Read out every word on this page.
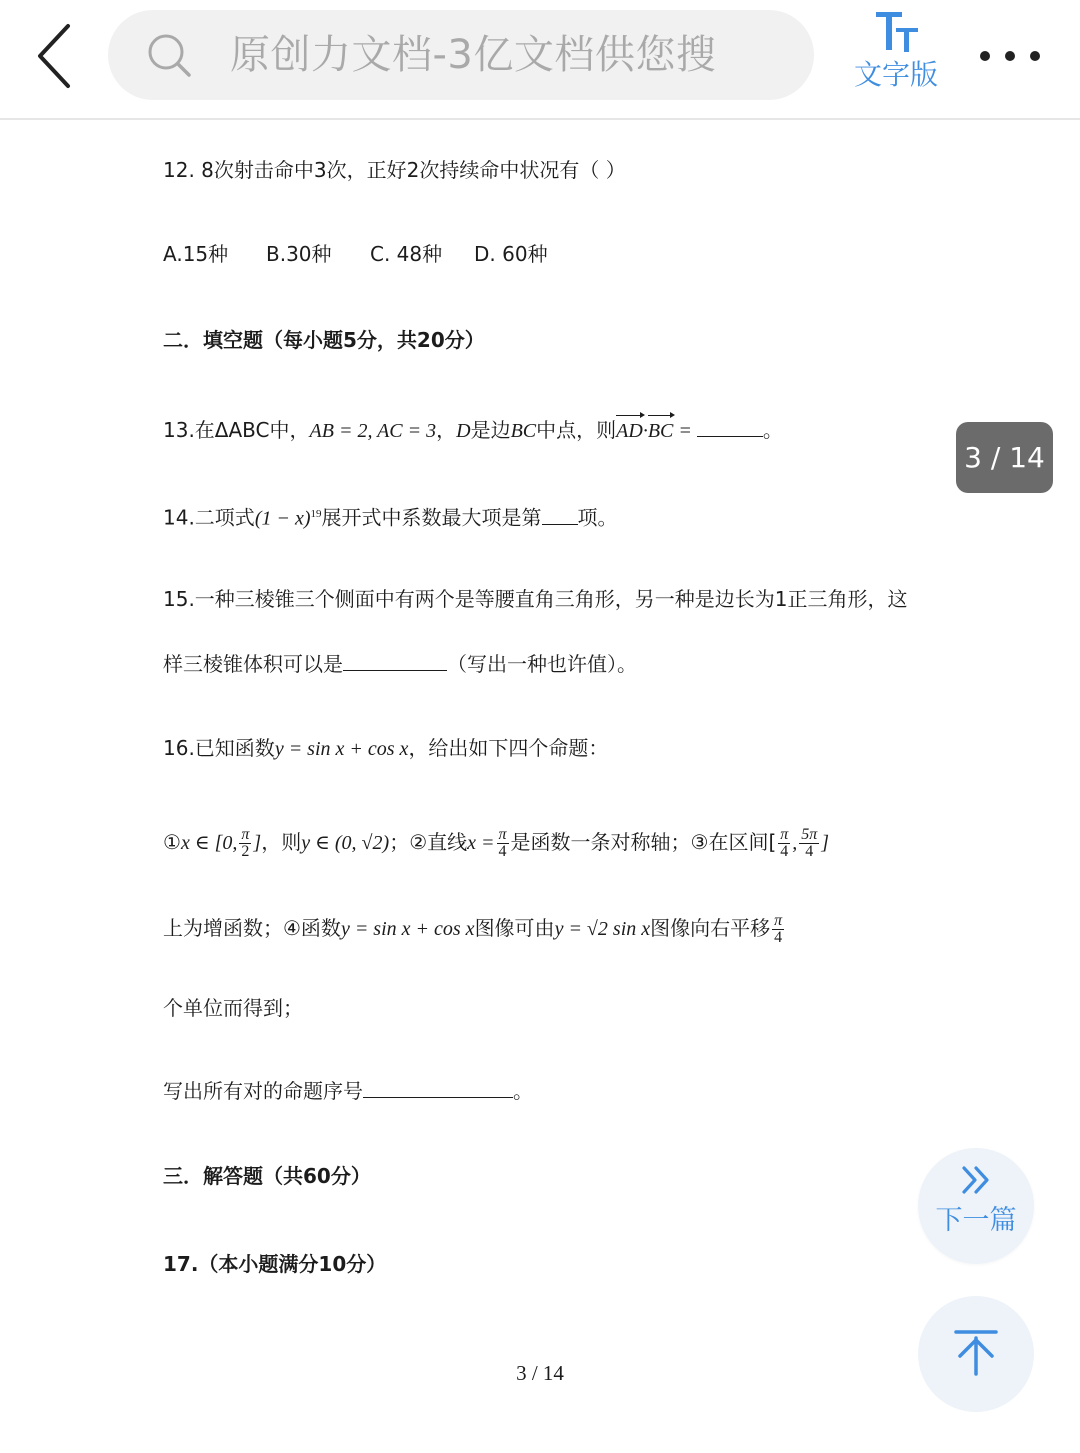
原创力文档-3亿文档供您搜	文字版
12. 8次射击命中3次，正好2次持续命中状况有（ ）
A.15种 B.30种 C. 48种 D. 60种
二．填空题（每小题5分，共20分）
13.在ΔABC中，AB = 2, AC = 3，D是边BC中点，则AD·BC =	。
14.二项式$(1 - x)^{19}$展开式中系数最大项是第 项。
15.一种三棱锥三个侧面中有两个是等腰直角三角形，另一种是边长为1正三角形，这
样三棱锥体积可以是	（写出一种也许值）。
16.已知函数y = sin x + cos x，给出如下四个命题：
①x ∈ [0, $\frac{\pi}{2}$ ]，则y ∈ (0, √2)；②直线$x = \frac{\pi}{4}$ 是函数一条对称轴；③在区间[ $\frac{\pi}{4}$ , $\frac{5\pi}{4}$ ]
上为增函数；④函数y = sin x + cos x图像可由y = √2 sin x图像向右平移 $\frac{\pi}{4}$
个单位而得到；
写出所有对的命题序号	。
三．解答题（共60分）
17.（本小题满分10分）
3 / 14
3 / 14
下一篇
